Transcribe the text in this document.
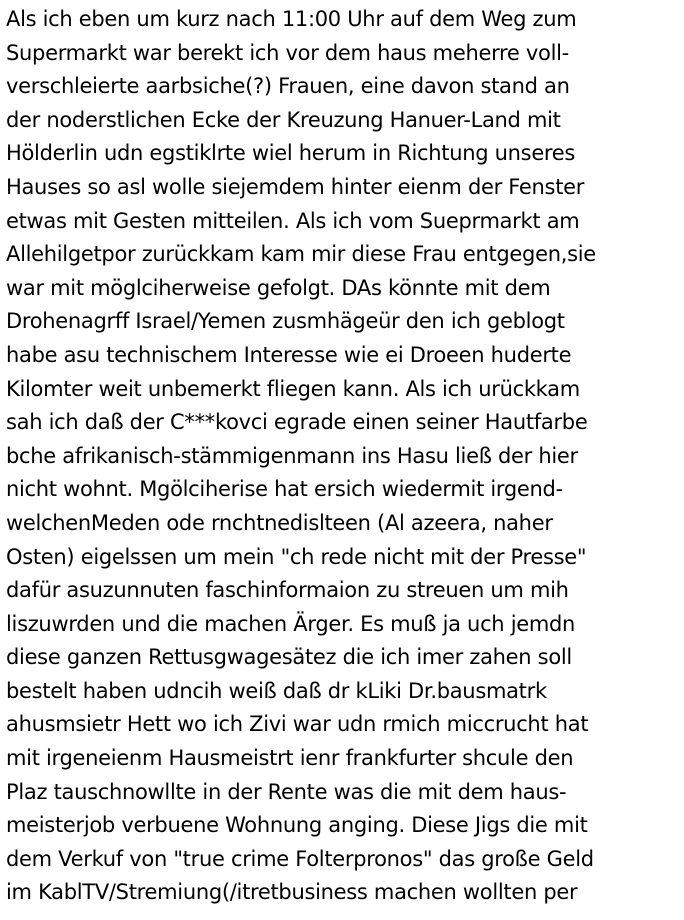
Als ich eben um kurz nach 11:00 Uhr auf dem Weg zum
Supermarkt war berekt ich vor dem haus meherre voll-
verschleierte aarbsiche(?) Frauen, eine davon stand an
der noderstlichen Ecke der Kreuzung Hanuer-Land mit
Hölderlin udn egstiklrte wiel herum in Richtung unseres
Hauses so asl wolle siejemdem hinter eienm der Fenster
etwas mit Gesten mitteilen. Als ich vom Sueprmarkt am
Allehilgetpor zurückkam kam mir diese Frau entgegen,sie
war mit möglciherweise gefolgt. DAs könnte mit dem
Drohenagrff Israel/Yemen zusmhägeür den ich geblogt
habe asu technischem Interesse wie ei Droeen huderte
Kilomter weit unbemerkt fliegen kann. Als ich urückkam
sah ich daß der C***kovci egrade einen seiner Hautfarbe
bche afrikanisch-stämmigenmann ins Hasu ließ der hier
nicht wohnt. Mgölciherise hat ersich wiedermit irgend-
welchenMeden ode rnchtnedislteen (Al azeera, naher
Osten) eigelssen um mein "ch rede nicht mit der Presse"
dafür asuzunnuten faschinformaion zu streuen um mih
liszuwrden und die machen Ärger. Es muß ja uch jemdn
diese ganzen Rettusgwagesätez die ich imer zahen soll
bestelt haben udncih weiß daß dr kLiki Dr.bausmatrk
ahusmsietr Hett wo ich Zivi war udn rmich miccrucht hat
mit irgeneienm Hausmeistrt ienr frankfurter shcule den
Plaz tauschnowllte in der Rente was die mit dem haus-
meisterjob verbuene Wohnung anging. Diese Jigs die mit
dem Verkuf von "true crime Folterpronos" das große Geld
im KablTV/Stremiung(/itretbusiness machen wollten per
